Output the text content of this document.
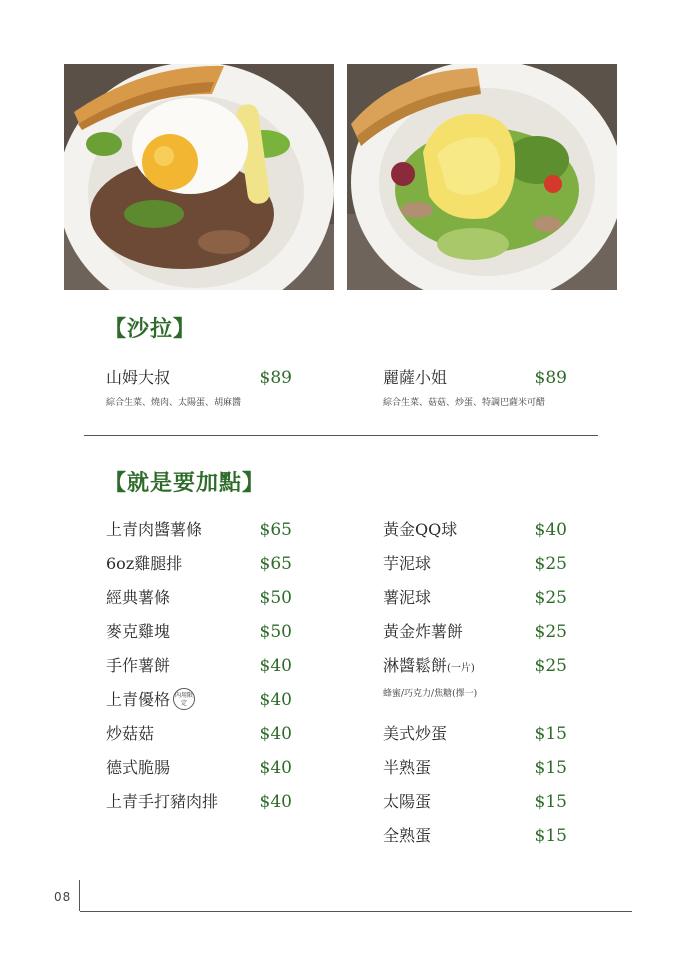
【沙拉】
山姆大叔	$89
綜合生菜、燒肉、太陽蛋、胡麻醬
麗薩小姐	$89
綜合生菜、菇菇、炒蛋、特調巴薩米可醋
【就是要加點】
上青肉醬薯條	$65
6oz雞腿排	$65
經典薯條	$50
麥克雞塊	$50
手作薯餅	$40
上青優格 內用限定	$40
炒菇菇	$40
德式脆腸	$40
上青手打豬肉排 $40
黃金QQ球	$40
芋泥球	$25
薯泥球	$25
黃金炸薯餅	$25
淋醬鬆餅(一片)	$25
蜂蜜/巧克力/焦糖(擇一)
美式炒蛋	$15
半熟蛋	$15
太陽蛋	$15
全熟蛋	$15
08
